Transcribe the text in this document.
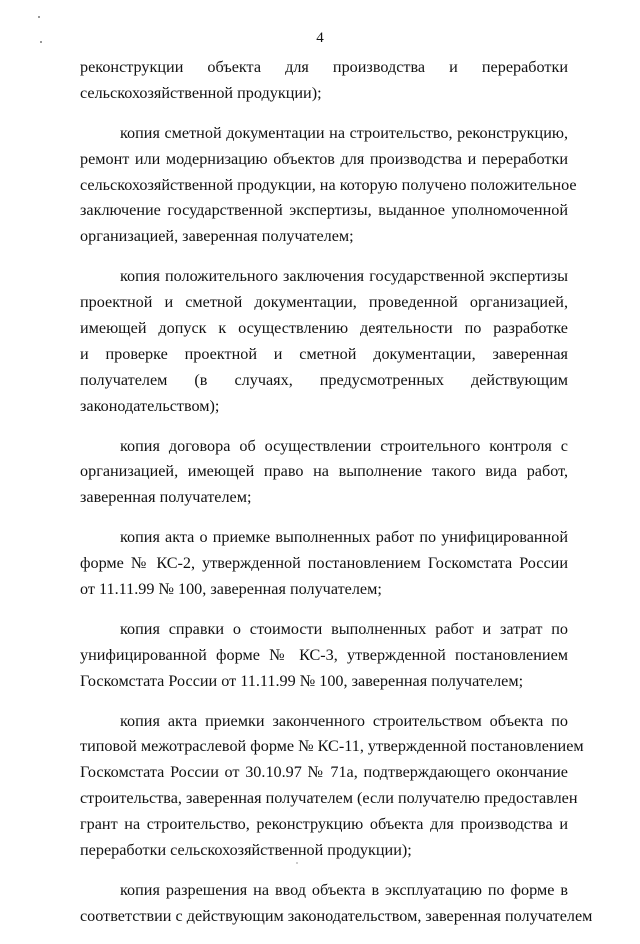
4
реконструкции объекта для производства и переработки
сельскохозяйственной продукции);
копия сметной документации на строительство, реконструкцию,
ремонт или модернизацию объектов для производства и переработки
сельскохозяйственной продукции, на которую получено положительное
заключение государственной экспертизы, выданное уполномоченной
организацией, заверенная получателем;
копия положительного заключения государственной экспертизы
проектной и сметной документации, проведенной организацией,
имеющей допуск к осуществлению деятельности по разработке
и проверке проектной и сметной документации, заверенная
получателем (в случаях, предусмотренных действующим
законодательством);
копия договора об осуществлении строительного контроля с
организацией, имеющей право на выполнение такого вида работ,
заверенная получателем;
копия акта о приемке выполненных работ по унифицированной
форме № КС-2, утвержденной постановлением Госкомстата России
от 11.11.99 № 100, заверенная получателем;
копия справки о стоимости выполненных работ и затрат по
унифицированной форме № КС-3, утвержденной постановлением
Госкомстата России от 11.11.99 № 100, заверенная получателем;
копия акта приемки законченного строительством объекта по
типовой межотраслевой форме № КС-11, утвержденной постановлением
Госкомстата России от 30.10.97 № 71а, подтверждающего окончание
строительства, заверенная получателем (если получателю предоставлен
грант на строительство, реконструкцию объекта для производства и
переработки сельскохозяйственной продукции);
копия разрешения на ввод объекта в эксплуатацию по форме в
соответствии с действующим законодательством, заверенная получателем
